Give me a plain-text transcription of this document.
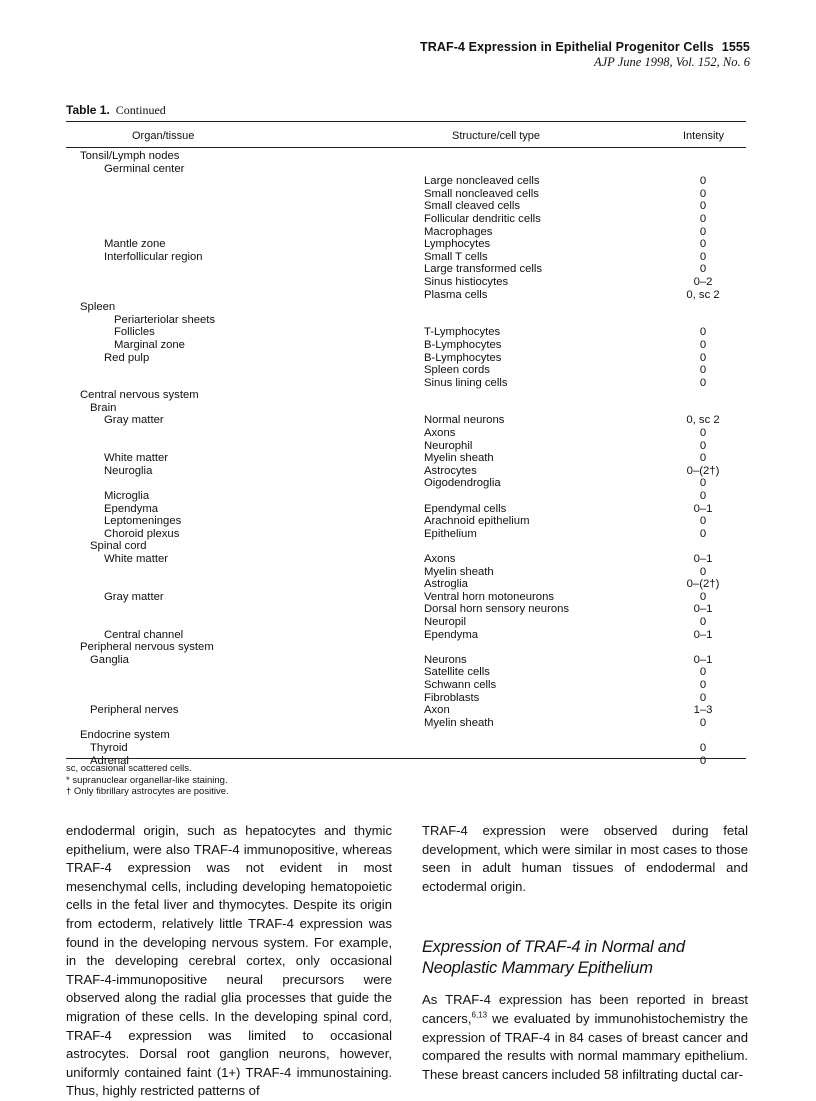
TRAF-4 Expression in Epithelial Progenitor Cells 1555
AJP June 1998, Vol. 152, No. 6
Table 1. Continued
Organ/tissue	Structure/cell type	Intensity
Tonsil/Lymph nodes
Germinal center
Large noncleaved cells	0
Small noncleaved cells	0
Small cleaved cells	0
Follicular dendritic cells	0
Macrophages	0
Mantle zone	Lymphocytes	0
Interfollicular region	Small T cells	0
Large transformed cells	0
Sinus histiocytes	0–2
Plasma cells	0, sc 2
Spleen
Periarteriolar sheets
Follicles	T-Lymphocytes	0
Marginal zone	B-Lymphocytes	0
Red pulp	B-Lymphocytes	0
Spleen cords	0
Sinus lining cells	0
Central nervous system
Brain
Gray matter	Normal neurons	0, sc 2
Axons	0
Neurophil	0
White matter	Myelin sheath	0
Neuroglia	Astrocytes	0–(2†)
Oigodendroglia	0
Microglia	0
Ependyma	Ependymal cells	0–1
Leptomeninges	Arachnoid epithelium	0
Choroid plexus	Epithelium	0
Spinal cord
White matter	Axons	0–1
Myelin sheath	0
Astroglia	0–(2†)
Gray matter	Ventral horn motoneurons	0
Dorsal horn sensory neurons	0–1
Neuropil	0
Central channel	Ependyma	0–1
Peripheral nervous system
Ganglia	Neurons	0–1
Satellite cells	0
Schwann cells	0
Fibroblasts	0
Peripheral nerves	Axon	1–3
Myelin sheath	0
Endocrine system
Thyroid	0
Adrenal	0
sc, occasional scattered cells.
* supranuclear organellar-like staining.
† Only fibrillary astrocytes are positive.

endodermal origin, such as hepatocytes and thymic epithelium, were also TRAF-4 immunopositive, whereas TRAF-4 expression was not evident in most mesenchymal cells, including developing hematopoietic cells in the fetal liver and thymocytes. Despite its origin from ectoderm, relatively little TRAF-4 expression was found in the developing nervous system. For example, in the developing cerebral cortex, only occasional TRAF-4-immunopositive neural precursors were observed along the radial glia processes that guide the migration of these cells. In the developing spinal cord, TRAF-4 expression was limited to occasional astrocytes. Dorsal root ganglion neurons, however, uniformly contained faint (1+) TRAF-4 immunostaining. Thus, highly restricted patterns of

TRAF-4 expression were observed during fetal development, which were similar in most cases to those seen in adult human tissues of endodermal and ectodermal origin.

Expression of TRAF-4 in Normal and Neoplastic Mammary Epithelium

As TRAF-4 expression has been reported in breast cancers,$^{6,13}$ we evaluated by immunohistochemistry the expression of TRAF-4 in 84 cases of breast cancer and compared the results with normal mammary epithelium. These breast cancers included 58 infiltrating ductal car-
